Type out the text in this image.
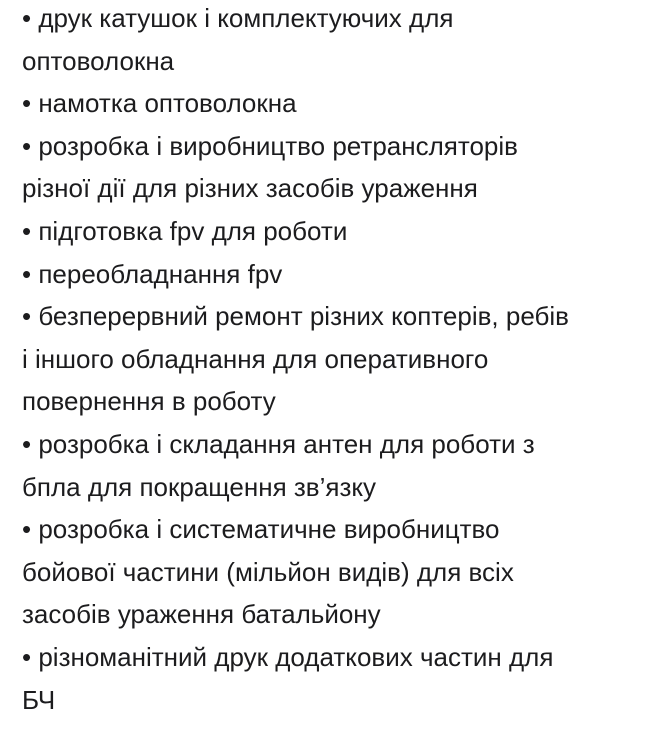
• друк катушок і комплектуючих для
оптоволокна
• намотка оптоволокна
• розробка і виробництво ретрансляторів
різної дії для різних засобів ураження
• підготовка fpv для роботи
• переобладнання fpv
• безперервний ремонт різних коптерів, ребів
і іншого обладнання для оперативного
повернення в роботу
• розробка і складання антен для роботи з
бпла для покращення зв’язку
• розробка і систематичне виробництво
бойової частини (мільйон видів) для всіх
засобів ураження батальйону
• різноманітний друк додаткових частин для
БЧ
